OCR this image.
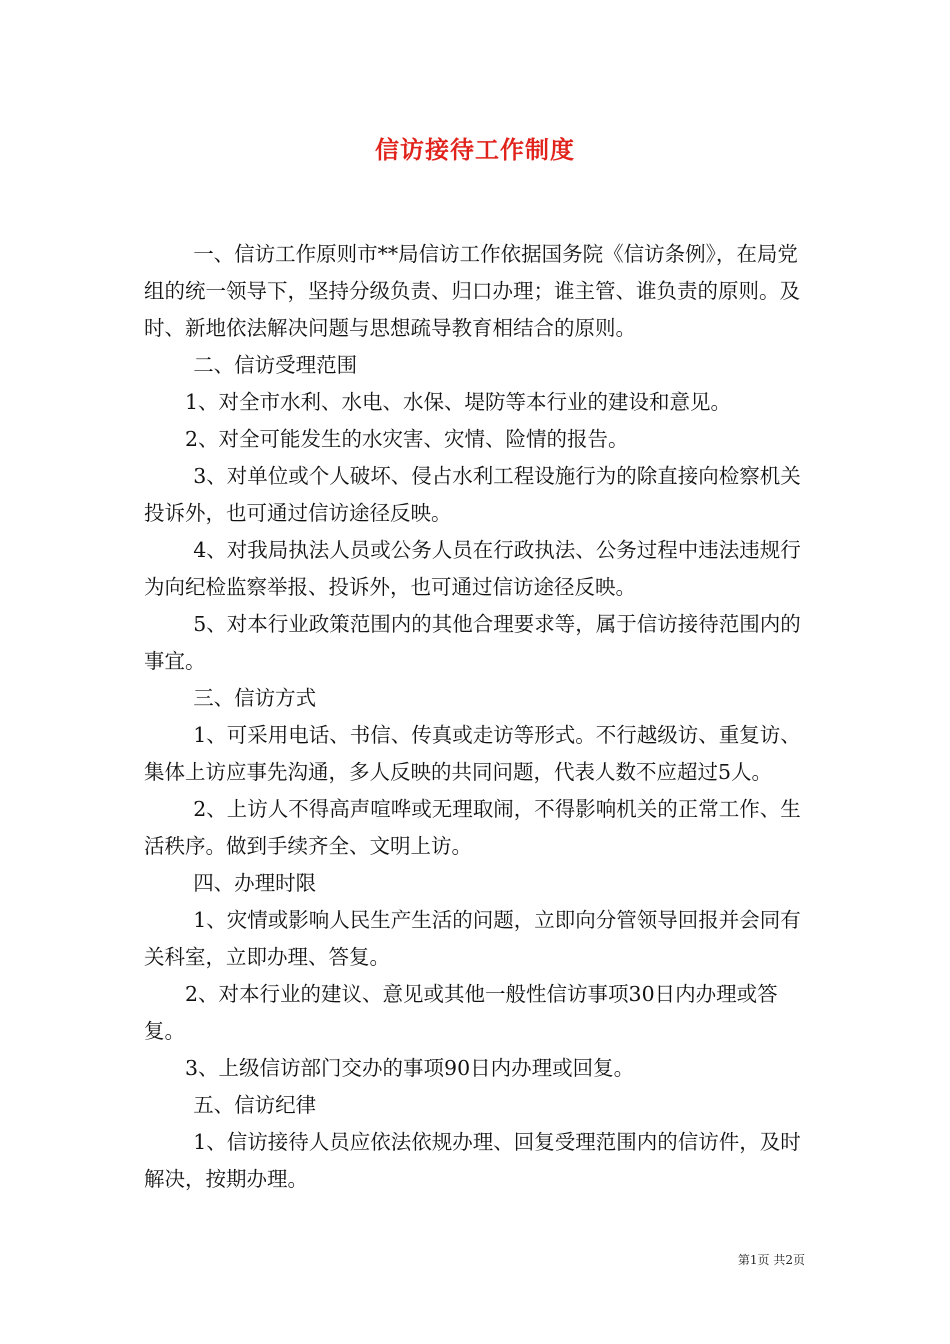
信访接待工作制度

一、信访工作原则市**局信访工作依据国务院《信访条例》，在局党组的统一领导下，坚持分级负责、归口办理；谁主管、谁负责的原则。及时、新地依法解决问题与思想疏导教育相结合的原则。

二、信访受理范围

1、对全市水利、水电、水保、堤防等本行业的建设和意见。

2、对全可能发生的水灾害、灾情、险情的报告。

3、对单位或个人破坏、侵占水利工程设施行为的除直接向检察机关投诉外，也可通过信访途径反映。

4、对我局执法人员或公务人员在行政执法、公务过程中违法违规行为向纪检监察举报、投诉外，也可通过信访途径反映。

5、对本行业政策范围内的其他合理要求等，属于信访接待范围内的事宜。

三、信访方式

1、可采用电话、书信、传真或走访等形式。不行越级访、重复访、集体上访应事先沟通，多人反映的共同问题，代表人数不应超过5人。

2、上访人不得高声喧哗或无理取闹，不得影响机关的正常工作、生活秩序。做到手续齐全、文明上访。

四、办理时限

1、灾情或影响人民生产生活的问题，立即向分管领导回报并会同有关科室，立即办理、答复。

2、对本行业的建议、意见或其他一般性信访事项30日内办理或答复。

3、上级信访部门交办的事项90日内办理或回复。

五、信访纪律

1、信访接待人员应依法依规办理、回复受理范围内的信访件，及时解决，按期办理。

第1页 共2页
